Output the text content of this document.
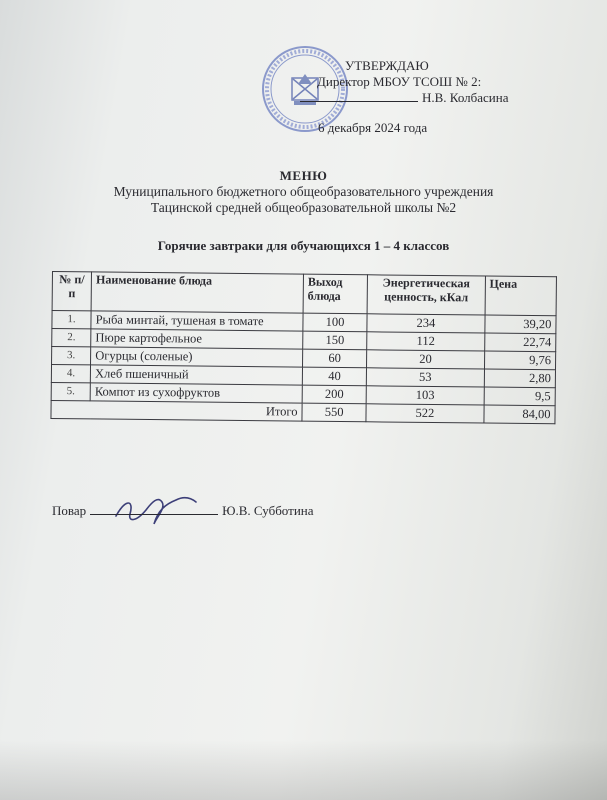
УТВЕРЖДАЮ
Директор МБОУ ТСОШ № 2:
Н.В. Колбасина
6 декабря 2024 года
МЕНЮ
Муниципального бюджетного общеобразовательного учреждения
Тацинской средней общеобразовательной школы №2
Горячие завтраки для обучающихся 1 – 4 классов
№ п/п	Наименование блюда	Выход блюда	Энергетическая ценность, кКал	Цена
1.	Рыба минтай, тушеная в томате	100	234	39,20
2.	Пюре картофельное	150	112	22,74
3.	Огурцы (соленые)	60	20	9,76
4.	Хлеб пшеничный	40	53	2,80
5.	Компот из сухофруктов	200	103	9,5
Итого		550	522	84,00
Повар	Ю.В. Субботина
